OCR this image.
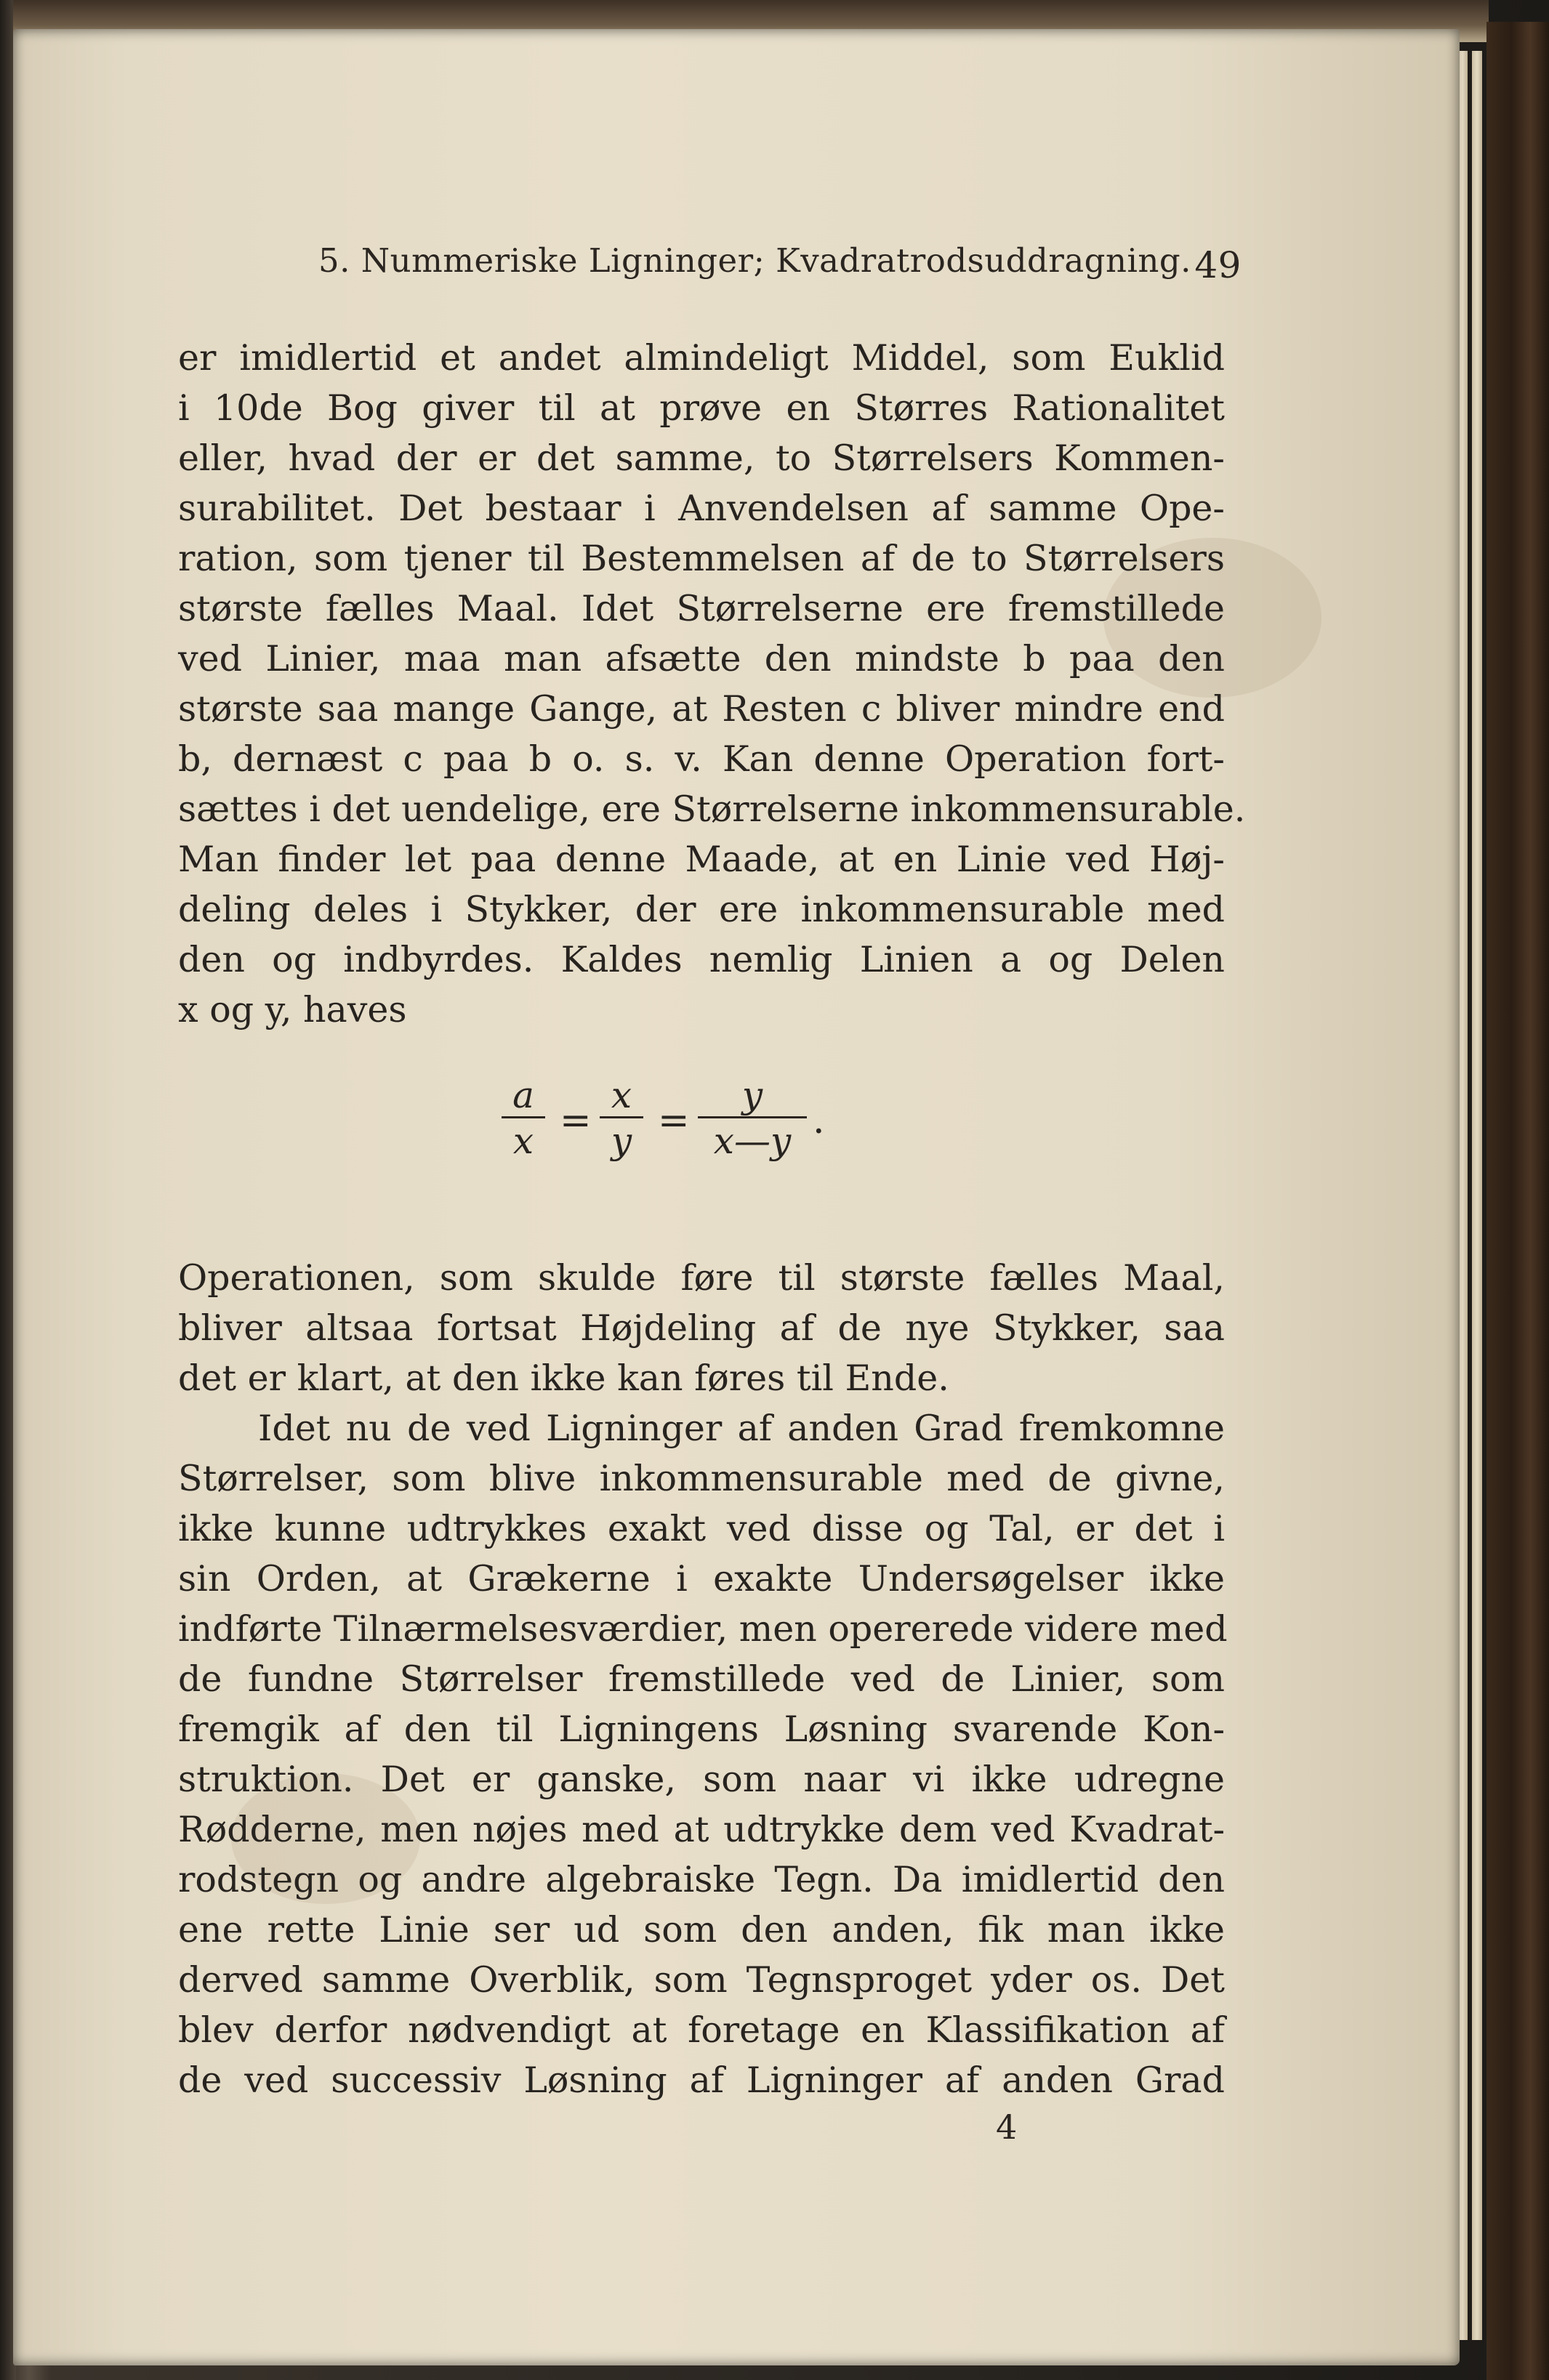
5. Nummeriske Ligninger; Kvadratrodsuddragning. 49
er imidlertid et andet almindeligt Middel, som Euklid
i 10de Bog giver til at prøve en Størres Rationalitet
eller, hvad der er det samme, to Størrelsers Kommen-
surabilitet. Det bestaar i Anvendelsen af samme Ope-
ration, som tjener til Bestemmelsen af de to Størrelsers
største fælles Maal. Idet Størrelserne ere fremstillede
ved Linier, maa man afsætte den mindste b paa den
største saa mange Gange, at Resten c bliver mindre end
b, dernæst c paa b o. s. v. Kan denne Operation fort-
sættes i det uendelige, ere Størrelserne inkommensurable.
Man finder let paa denne Maade, at en Linie ved Høj-
deling deles i Stykker, der ere inkommensurable med
den og indbyrdes. Kaldes nemlig Linien a og Delen
x og y, haves
Operationen, som skulde føre til største fælles Maal,
bliver altsaa fortsat Højdeling af de nye Stykker, saa
det er klart, at den ikke kan føres til Ende.
Idet nu de ved Ligninger af anden Grad fremkomne
Størrelser, som blive inkommensurable med de givne,
ikke kunne udtrykkes exakt ved disse og Tal, er det i
sin Orden, at Grækerne i exakte Undersøgelser ikke
indførte Tilnærmelsesværdier, men opererede videre med
de fundne Størrelser fremstillede ved de Linier, som
fremgik af den til Ligningens Løsning svarende Kon-
struktion. Det er ganske, som naar vi ikke udregne
Rødderne, men nøjes med at udtrykke dem ved Kvadrat-
rodstegn og andre algebraiske Tegn. Da imidlertid den
ene rette Linie ser ud som den anden, fik man ikke
derved samme Overblik, som Tegnsproget yder os. Det
blev derfor nødvendigt at foretage en Klassifikation af
de ved successiv Løsning af Ligninger af anden Grad
a
x =
x
y =
y
x—y .
4
